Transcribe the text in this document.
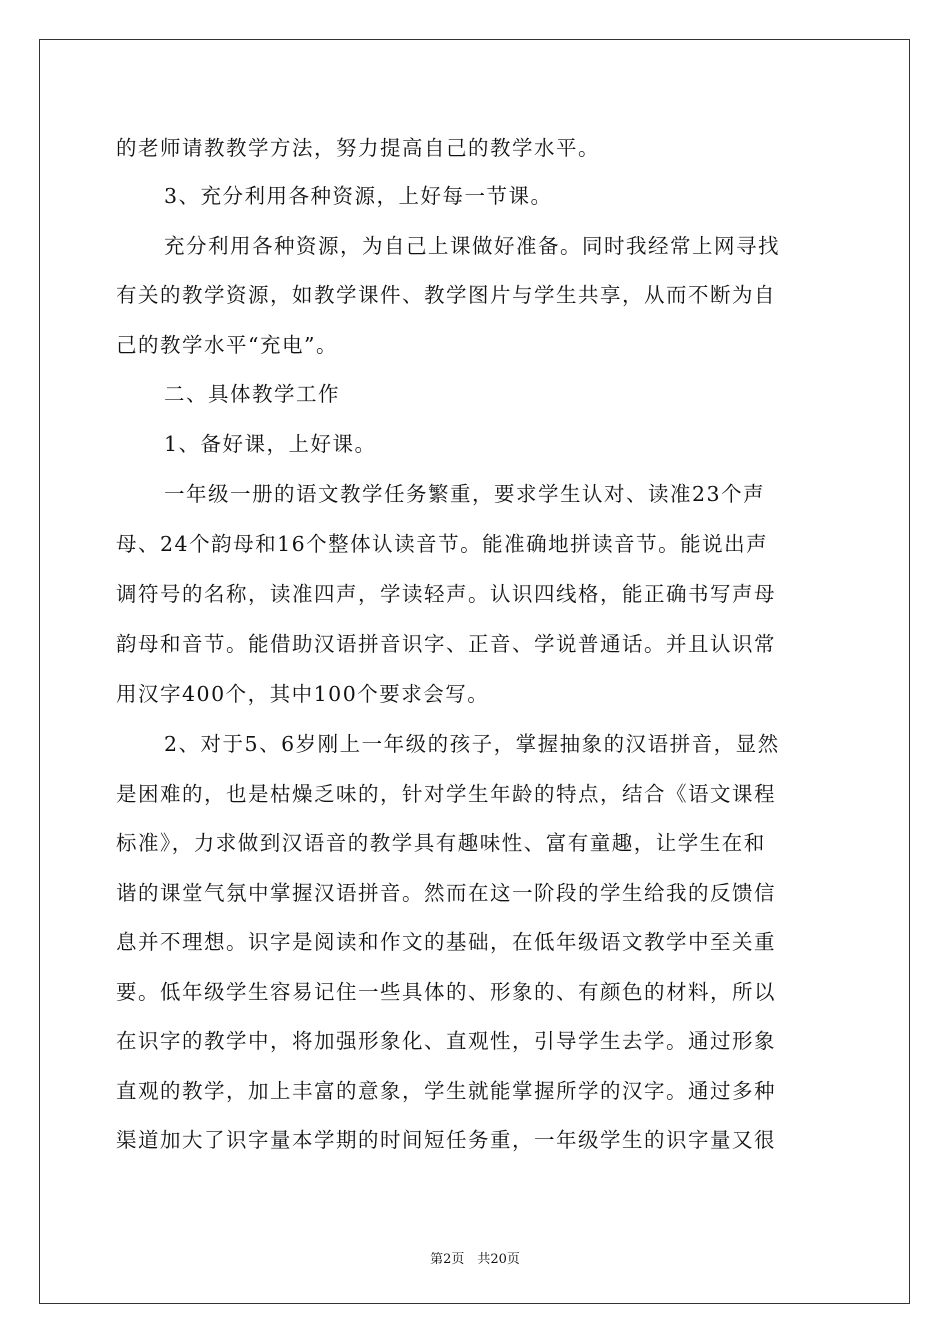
的老师请教教学方法，努力提高自己的教学水平。
3、充分利用各种资源，上好每一节课。
充分利用各种资源，为自己上课做好准备。同时我经常上网寻找
有关的教学资源，如教学课件、教学图片与学生共享，从而不断为自
己的教学水平“充电”。
二、具体教学工作
1、备好课，上好课。
一年级一册的语文教学任务繁重，要求学生认对、读准23个声
母、24个韵母和16个整体认读音节。能准确地拼读音节。能说出声
调符号的名称，读准四声，学读轻声。认识四线格，能正确书写声母
韵母和音节。能借助汉语拼音识字、正音、学说普通话。并且认识常
用汉字400个，其中100个要求会写。
2、对于5、6岁刚上一年级的孩子，掌握抽象的汉语拼音，显然
是困难的，也是枯燥乏味的，针对学生年龄的特点，结合《语文课程
标准》，力求做到汉语音的教学具有趣味性、富有童趣，让学生在和
谐的课堂气氛中掌握汉语拼音。然而在这一阶段的学生给我的反馈信
息并不理想。识字是阅读和作文的基础，在低年级语文教学中至关重
要。低年级学生容易记住一些具体的、形象的、有颜色的材料，所以
在识字的教学中，将加强形象化、直观性，引导学生去学。通过形象
直观的教学，加上丰富的意象，学生就能掌握所学的汉字。通过多种
渠道加大了识字量本学期的时间短任务重，一年级学生的识字量又很
第2页　共20页
